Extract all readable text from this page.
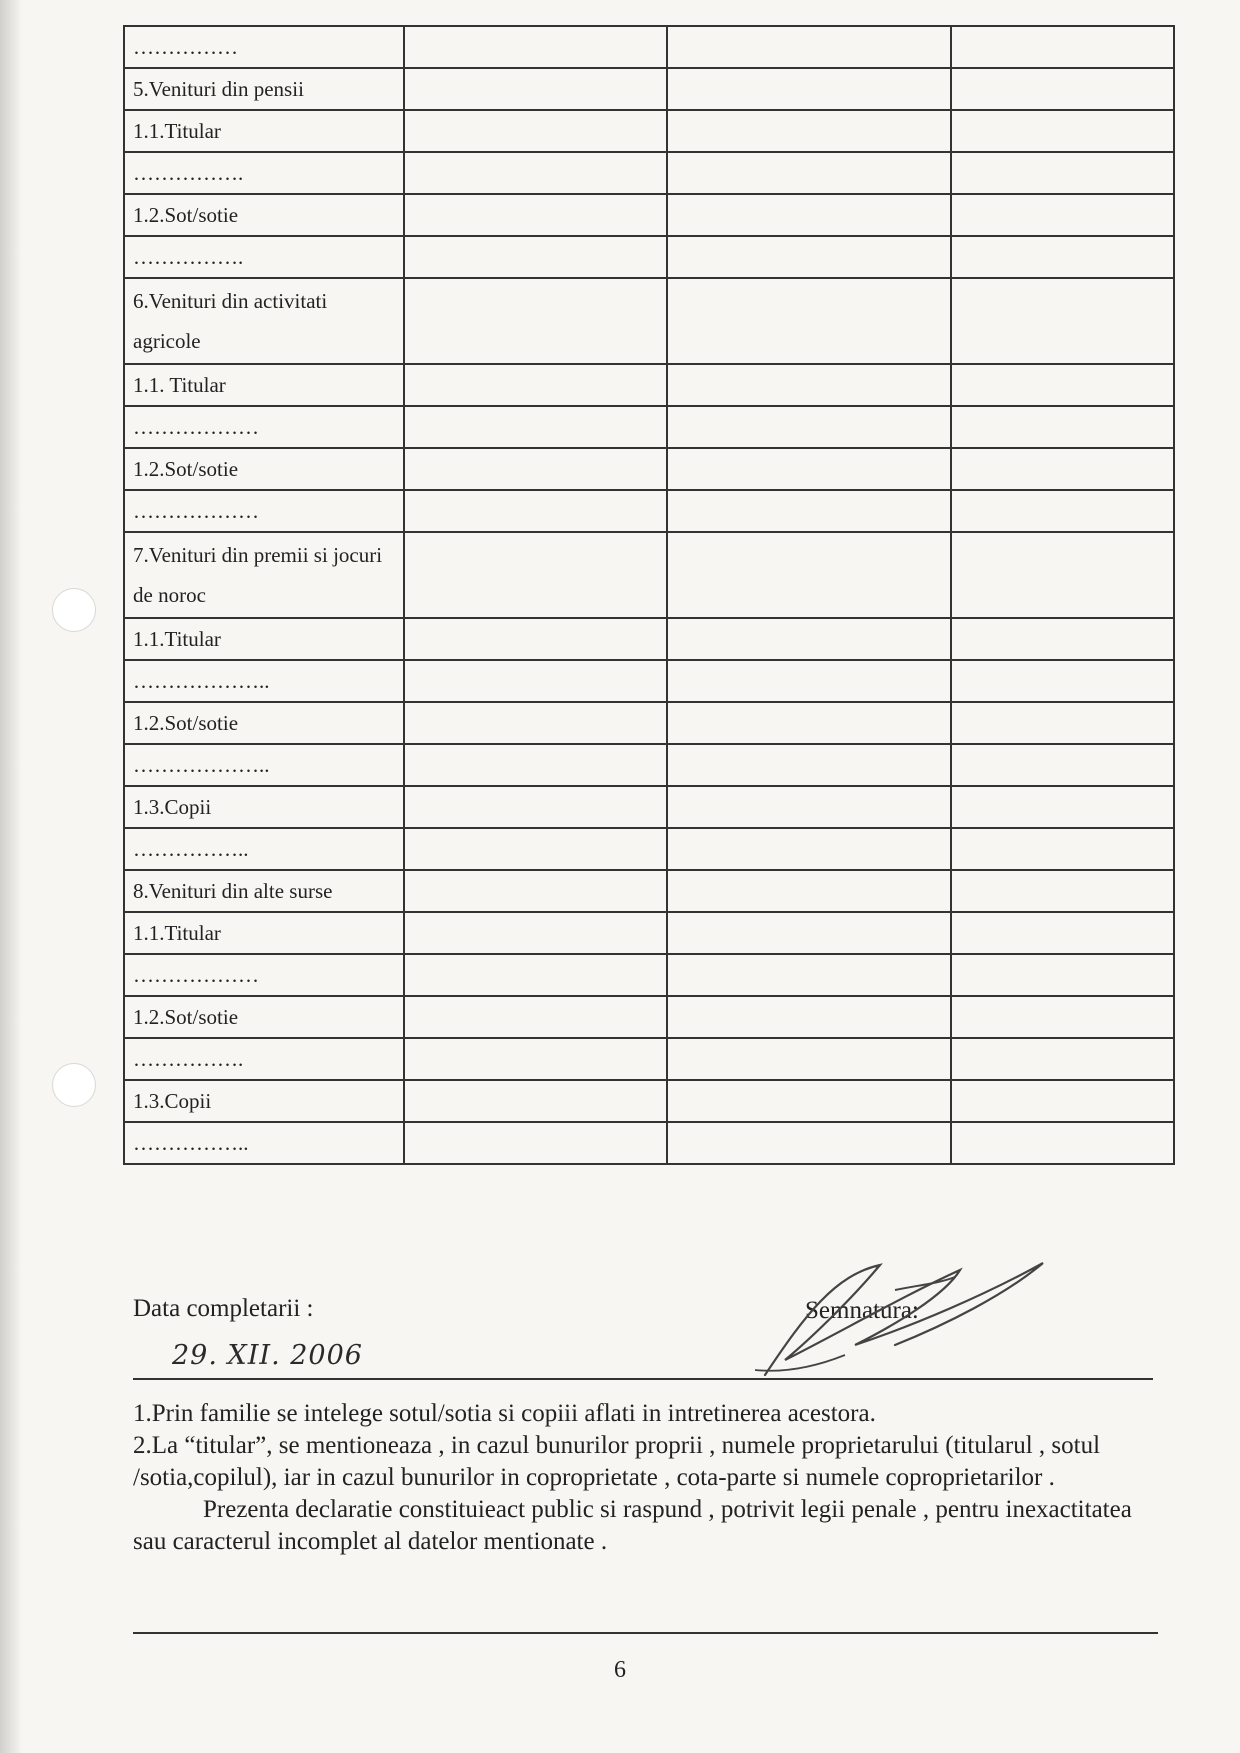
……………			
5.Venituri din pensii			
1.1.Titular			
…………….			
1.2.Sot/sotie			
…………….			
6.Venituri din activitati agricole			
1.1. Titular			
………………			
1.2.Sot/sotie			
………………			
7.Venituri din premii si jocuri de noroc			
1.1.Titular			
………………..			
1.2.Sot/sotie			
………………..			
1.3.Copii			
……………..			
8.Venituri din alte surse			
1.1.Titular			
………………			
1.2.Sot/sotie			
…………….			
1.3.Copii			
……………..			
Data completarii :
29. XII. 2006
Semnatura:

1.Prin familie se intelege sotul/sotia si copiii aflati in intretinerea acestora.

2.La “titular”, se mentioneaza , in cazul bunurilor proprii , numele proprietarului (titularul , sotul /sotia,copilul), iar in cazul bunurilor in coproprietate , cota-parte si numele coproprietarilor .

Prezenta declaratie constituieact public si raspund , potrivit legii penale , pentru inexactitatea sau caracterul incomplet al datelor mentionate .

6
